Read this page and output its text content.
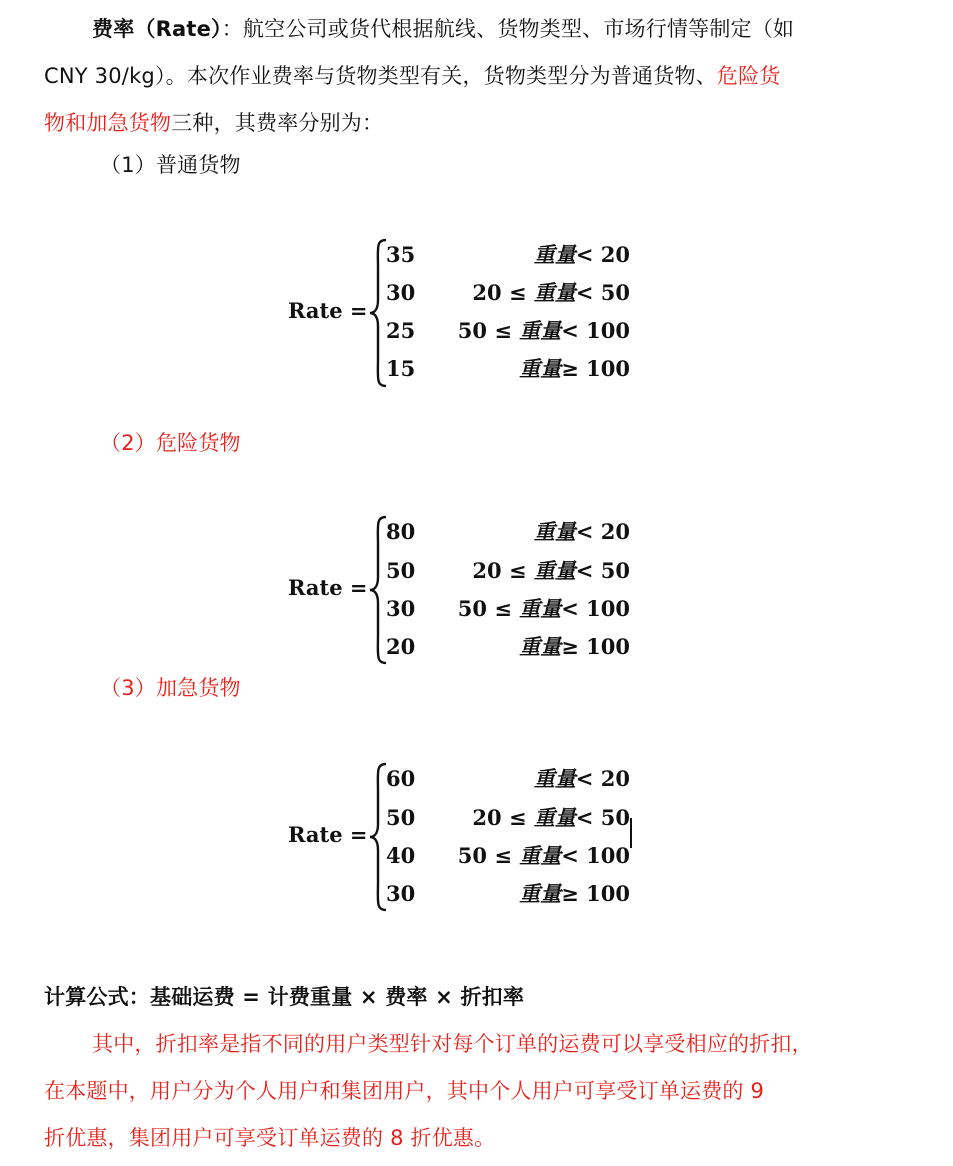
费率（Rate）：航空公司或货代根据航线、货物类型、市场行情等制定（如
CNY 30/kg）。本次作业费率与货物类型有关，货物类型分为普通货物、危险货
物和加急货物三种，其费率分别为：
（1）普通货物
Rate =
35	重量< 20
30	20 ≤ 重量< 50
25 50 ≤ 重量< 100
15	重量≥ 100
（2）危险货物
Rate =
80	重量< 20
50	20 ≤ 重量< 50
30 50 ≤ 重量< 100
20	重量≥ 100
（3）加急货物
Rate =
60	重量< 20
50	20 ≤ 重量< 50
40 50 ≤ 重量< 100
30	重量≥ 100
计算公式：基础运费 = 计费重量 × 费率 × 折扣率
其中，折扣率是指不同的用户类型针对每个订单的运费可以享受相应的折扣，
在本题中，用户分为个人用户和集团用户，其中个人用户可享受订单运费的 9
折优惠，集团用户可享受订单运费的 8 折优惠。
